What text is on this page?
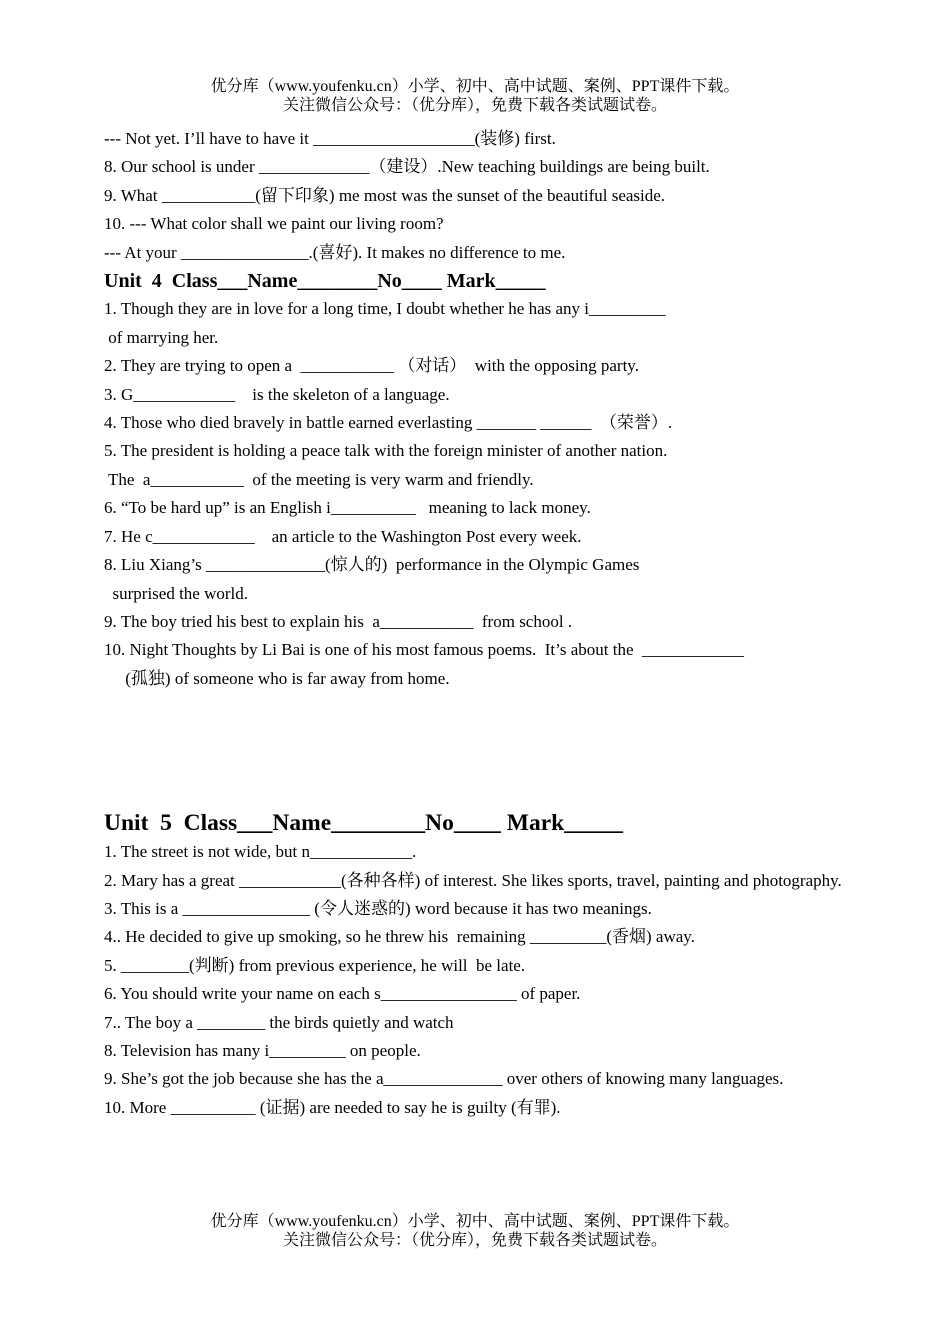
优分库（www.youfenku.cn）小学、初中、高中试题、案例、PPT课件下载。
关注微信公众号：（优分库），免费下载各类试题试卷。
--- Not yet. I’ll have to have it ___________________(装修) first.
8. Our school is under _____________（建设）.New teaching buildings are being built.
9. What ___________(留下印象) me most was the sunset of the beautiful seaside.
10. --- What color shall we paint our living room?
--- At your _______________.(喜好). It makes no difference to me.
Unit  4  Class___Name________No____ Mark_____
1. Though they are in love for a long time, I doubt whether he has any i_________
of marrying her.
2. They are trying to open a  ___________ （对话）  with the opposing party.
3. G____________    is the skeleton of a language.
4. Those who died bravely in battle earned everlasting _______ ______  （荣誉）.
5. The president is holding a peace talk with the foreign minister of another nation.
The  a___________  of the meeting is very warm and friendly.
6. “To be hard up” is an English i__________   meaning to lack money.
7. He c____________    an article to the Washington Post every week.
8. Liu Xiang’s ______________(惊人的)  performance in the Olympic Games
surprised the world.
9. The boy tried his best to explain his  a___________  from school .
10. Night Thoughts by Li Bai is one of his most famous poems.  It’s about the  ____________
(孤独) of someone who is far away from home.
Unit  5  Class___Name________No____ Mark_____
1. The street is not wide, but n____________.
2. Mary has a great ____________(各种各样) of interest. She likes sports, travel, painting and photography.
3. This is a _______________ (令人迷惑的) word because it has two meanings.
4.. He decided to give up smoking, so he threw his  remaining _________(香烟) away.
5. ________(判断) from previous experience, he will  be late.
6. You should write your name on each s________________ of paper.
7.. The boy a ________ the birds quietly and watch
8. Television has many i_________ on people.
9. She’s got the job because she has the a______________ over others of knowing many languages.
10. More __________ (证据) are needed to say he is guilty (有罪).
优分库（www.youfenku.cn）小学、初中、高中试题、案例、PPT课件下载。
关注微信公众号：（优分库），免费下载各类试题试卷。
